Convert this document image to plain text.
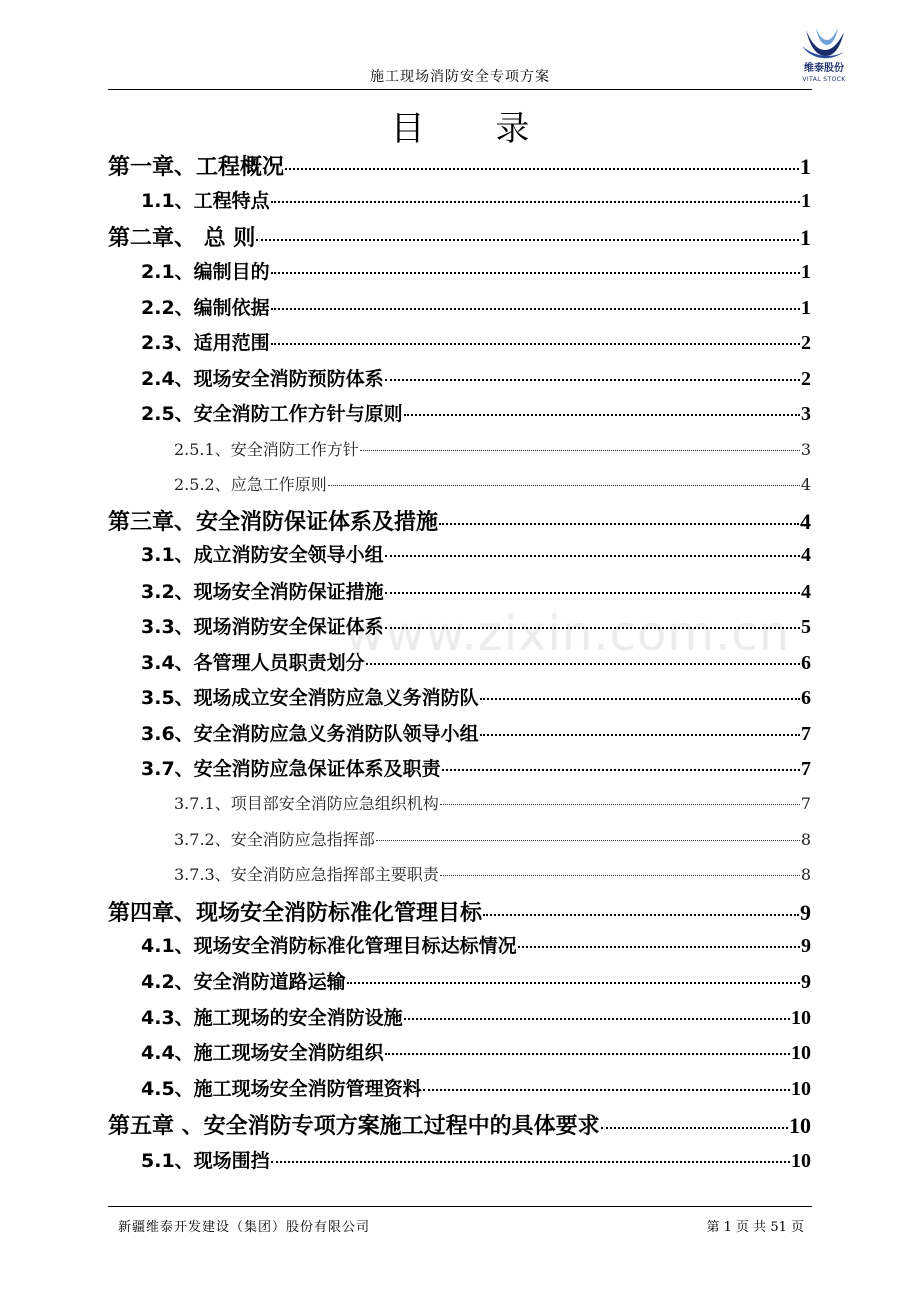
施工现场消防安全专项方案
维泰股份
VITAL STOCK
目 录
www.zixin.com.cn
第一章、工程概况	1
1.1、工程特点	1
第二章、 总 则	1
2.1、编制目的	1
2.2、编制依据	1
2.3、适用范围	2
2.4、现场安全消防预防体系	2
2.5、安全消防工作方针与原则	3
2.5.1、安全消防工作方针	3
2.5.2、应急工作原则	4
第三章、安全消防保证体系及措施	4
3.1、成立消防安全领导小组	4
3.2、现场安全消防保证措施	4
3.3、现场消防安全保证体系	5
3.4、各管理人员职责划分	6
3.5、现场成立安全消防应急义务消防队	6
3.6、安全消防应急义务消防队领导小组	7
3.7、安全消防应急保证体系及职责	7
3.7.1、项目部安全消防应急组织机构	7
3.7.2、安全消防应急指挥部	8
3.7.3、安全消防应急指挥部主要职责	8
第四章、现场安全消防标准化管理目标	9
4.1、现场安全消防标准化管理目标达标情况	9
4.2、安全消防道路运输	9
4.3、施工现场的安全消防设施	10
4.4、施工现场安全消防组织	10
4.5、施工现场安全消防管理资料	10
第五章 、安全消防专项方案施工过程中的具体要求	10
5.1、现场围挡	10
新疆维泰开发建设（集团）股份有限公司	第 1 页 共 51 页
